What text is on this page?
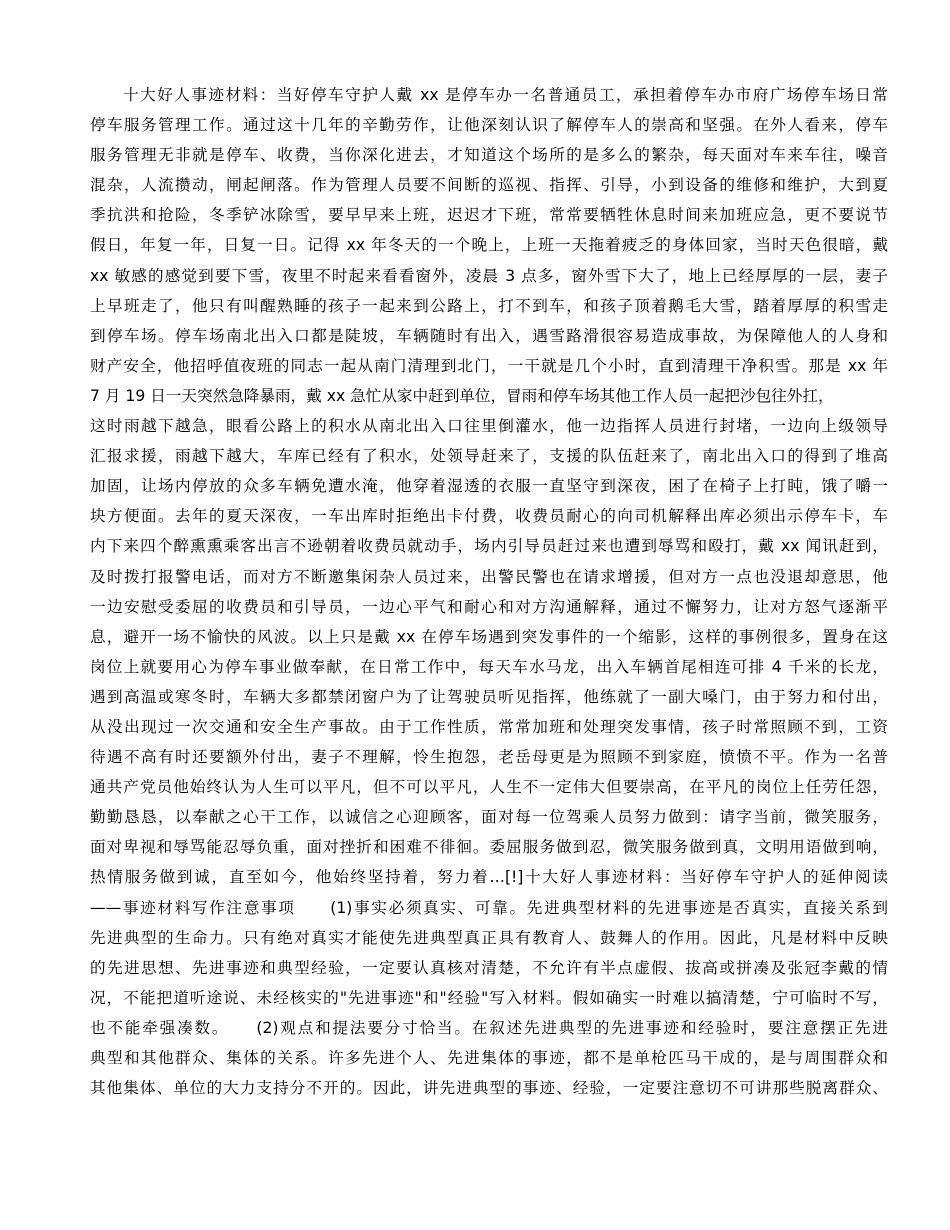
十大好人事迹材料：当好停车守护人戴 xx 是停车办一名普通员工，承担着停车办市府广场停车场日常
停车服务管理工作。通过这十几年的辛勤劳作，让他深刻认识了解停车人的崇高和坚强。在外人看来，停车
服务管理无非就是停车、收费，当你深化进去，才知道这个场所的是多么的繁杂，每天面对车来车往，噪音
混杂，人流攒动，闸起闸落。作为管理人员要不间断的巡视、指挥、引导，小到设备的维修和维护，大到夏
季抗洪和抢险，冬季铲冰除雪，要早早来上班，迟迟才下班，常常要牺牲休息时间来加班应急，更不要说节
假日，年复一年，日复一日。记得 xx 年冬天的一个晚上，上班一天拖着疲乏的身体回家，当时天色很暗，戴
xx 敏感的感觉到要下雪，夜里不时起来看看窗外，凌晨 3 点多，窗外雪下大了，地上已经厚厚的一层，妻子
上早班走了，他只有叫醒熟睡的孩子一起来到公路上，打不到车，和孩子顶着鹅毛大雪，踏着厚厚的积雪走
到停车场。停车场南北出入口都是陡坡，车辆随时有出入，遇雪路滑很容易造成事故，为保障他人的人身和
财产安全，他招呼值夜班的同志一起从南门清理到北门，一干就是几个小时，直到清理干净积雪。那是 xx 年
7 月 19 日一天突然急降暴雨，戴 xx 急忙从家中赶到单位，冒雨和停车场其他工作人员一起把沙包往外扛，
这时雨越下越急，眼看公路上的积水从南北出入口往里倒灌水，他一边指挥人员进行封堵，一边向上级领导
汇报求援，雨越下越大，车库已经有了积水，处领导赶来了，支援的队伍赶来了，南北出入口的得到了堆高
加固，让场内停放的众多车辆免遭水淹，他穿着湿透的衣服一直坚守到深夜，困了在椅子上打盹，饿了嚼一
块方便面。去年的夏天深夜，一车出库时拒绝出卡付费，收费员耐心的向司机解释出库必须出示停车卡，车
内下来四个醉熏熏乘客出言不逊朝着收费员就动手，场内引导员赶过来也遭到辱骂和殴打，戴 xx 闻讯赶到，
及时拨打报警电话，而对方不断邀集闲杂人员过来，出警民警也在请求增援，但对方一点也没退却意思，他
一边安慰受委屈的收费员和引导员，一边心平气和耐心和对方沟通解释，通过不懈努力，让对方怒气逐渐平
息，避开一场不愉快的风波。以上只是戴 xx 在停车场遇到突发事件的一个缩影，这样的事例很多，置身在这
岗位上就要用心为停车事业做奉献，在日常工作中，每天车水马龙，出入车辆首尾相连可排 4 千米的长龙，
遇到高温或寒冬时，车辆大多都禁闭窗户为了让驾驶员听见指挥，他练就了一副大嗓门，由于努力和付出，
从没出现过一次交通和安全生产事故。由于工作性质，常常加班和处理突发事情，孩子时常照顾不到，工资
待遇不高有时还要额外付出，妻子不理解，怜生抱怨，老岳母更是为照顾不到家庭，愤愤不平。作为一名普
通共产党员他始终认为人生可以平凡，但不可以平凡，人生不一定伟大但要崇高，在平凡的岗位上任劳任怨，
勤勤恳恳，以奉献之心干工作，以诚信之心迎顾客，面对每一位驾乘人员努力做到：请字当前，微笑服务，
面对卑视和辱骂能忍辱负重，面对挫折和困难不徘徊。委屈服务做到忍，微笑服务做到真，文明用语做到响，
热情服务做到诚，直至如今，他始终坚持着，努力着…[!]十大好人事迹材料：当好停车守护人的延伸阅读
——事迹材料写作注意事项　　(1)事实必须真实、可靠。先进典型材料的先进事迹是否真实，直接关系到
先进典型的生命力。只有绝对真实才能使先进典型真正具有教育人、鼓舞人的作用。因此，凡是材料中反映
的先进思想、先进事迹和典型经验，一定要认真核对清楚，不允许有半点虚假、拔高或拼凑及张冠李戴的情
况，不能把道听途说、未经核实的"先进事迹"和"经验"写入材料。假如确实一时难以搞清楚，宁可临时不写，
也不能牵强凑数。　　(2)观点和提法要分寸恰当。在叙述先进典型的先进事迹和经验时，要注意摆正先进
典型和其他群众、集体的关系。许多先进个人、先进集体的事迹，都不是单枪匹马干成的，是与周围群众和
其他集体、单位的大力支持分不开的。因此，讲先进典型的事迹、经验，一定要注意切不可讲那些脱离群众、
